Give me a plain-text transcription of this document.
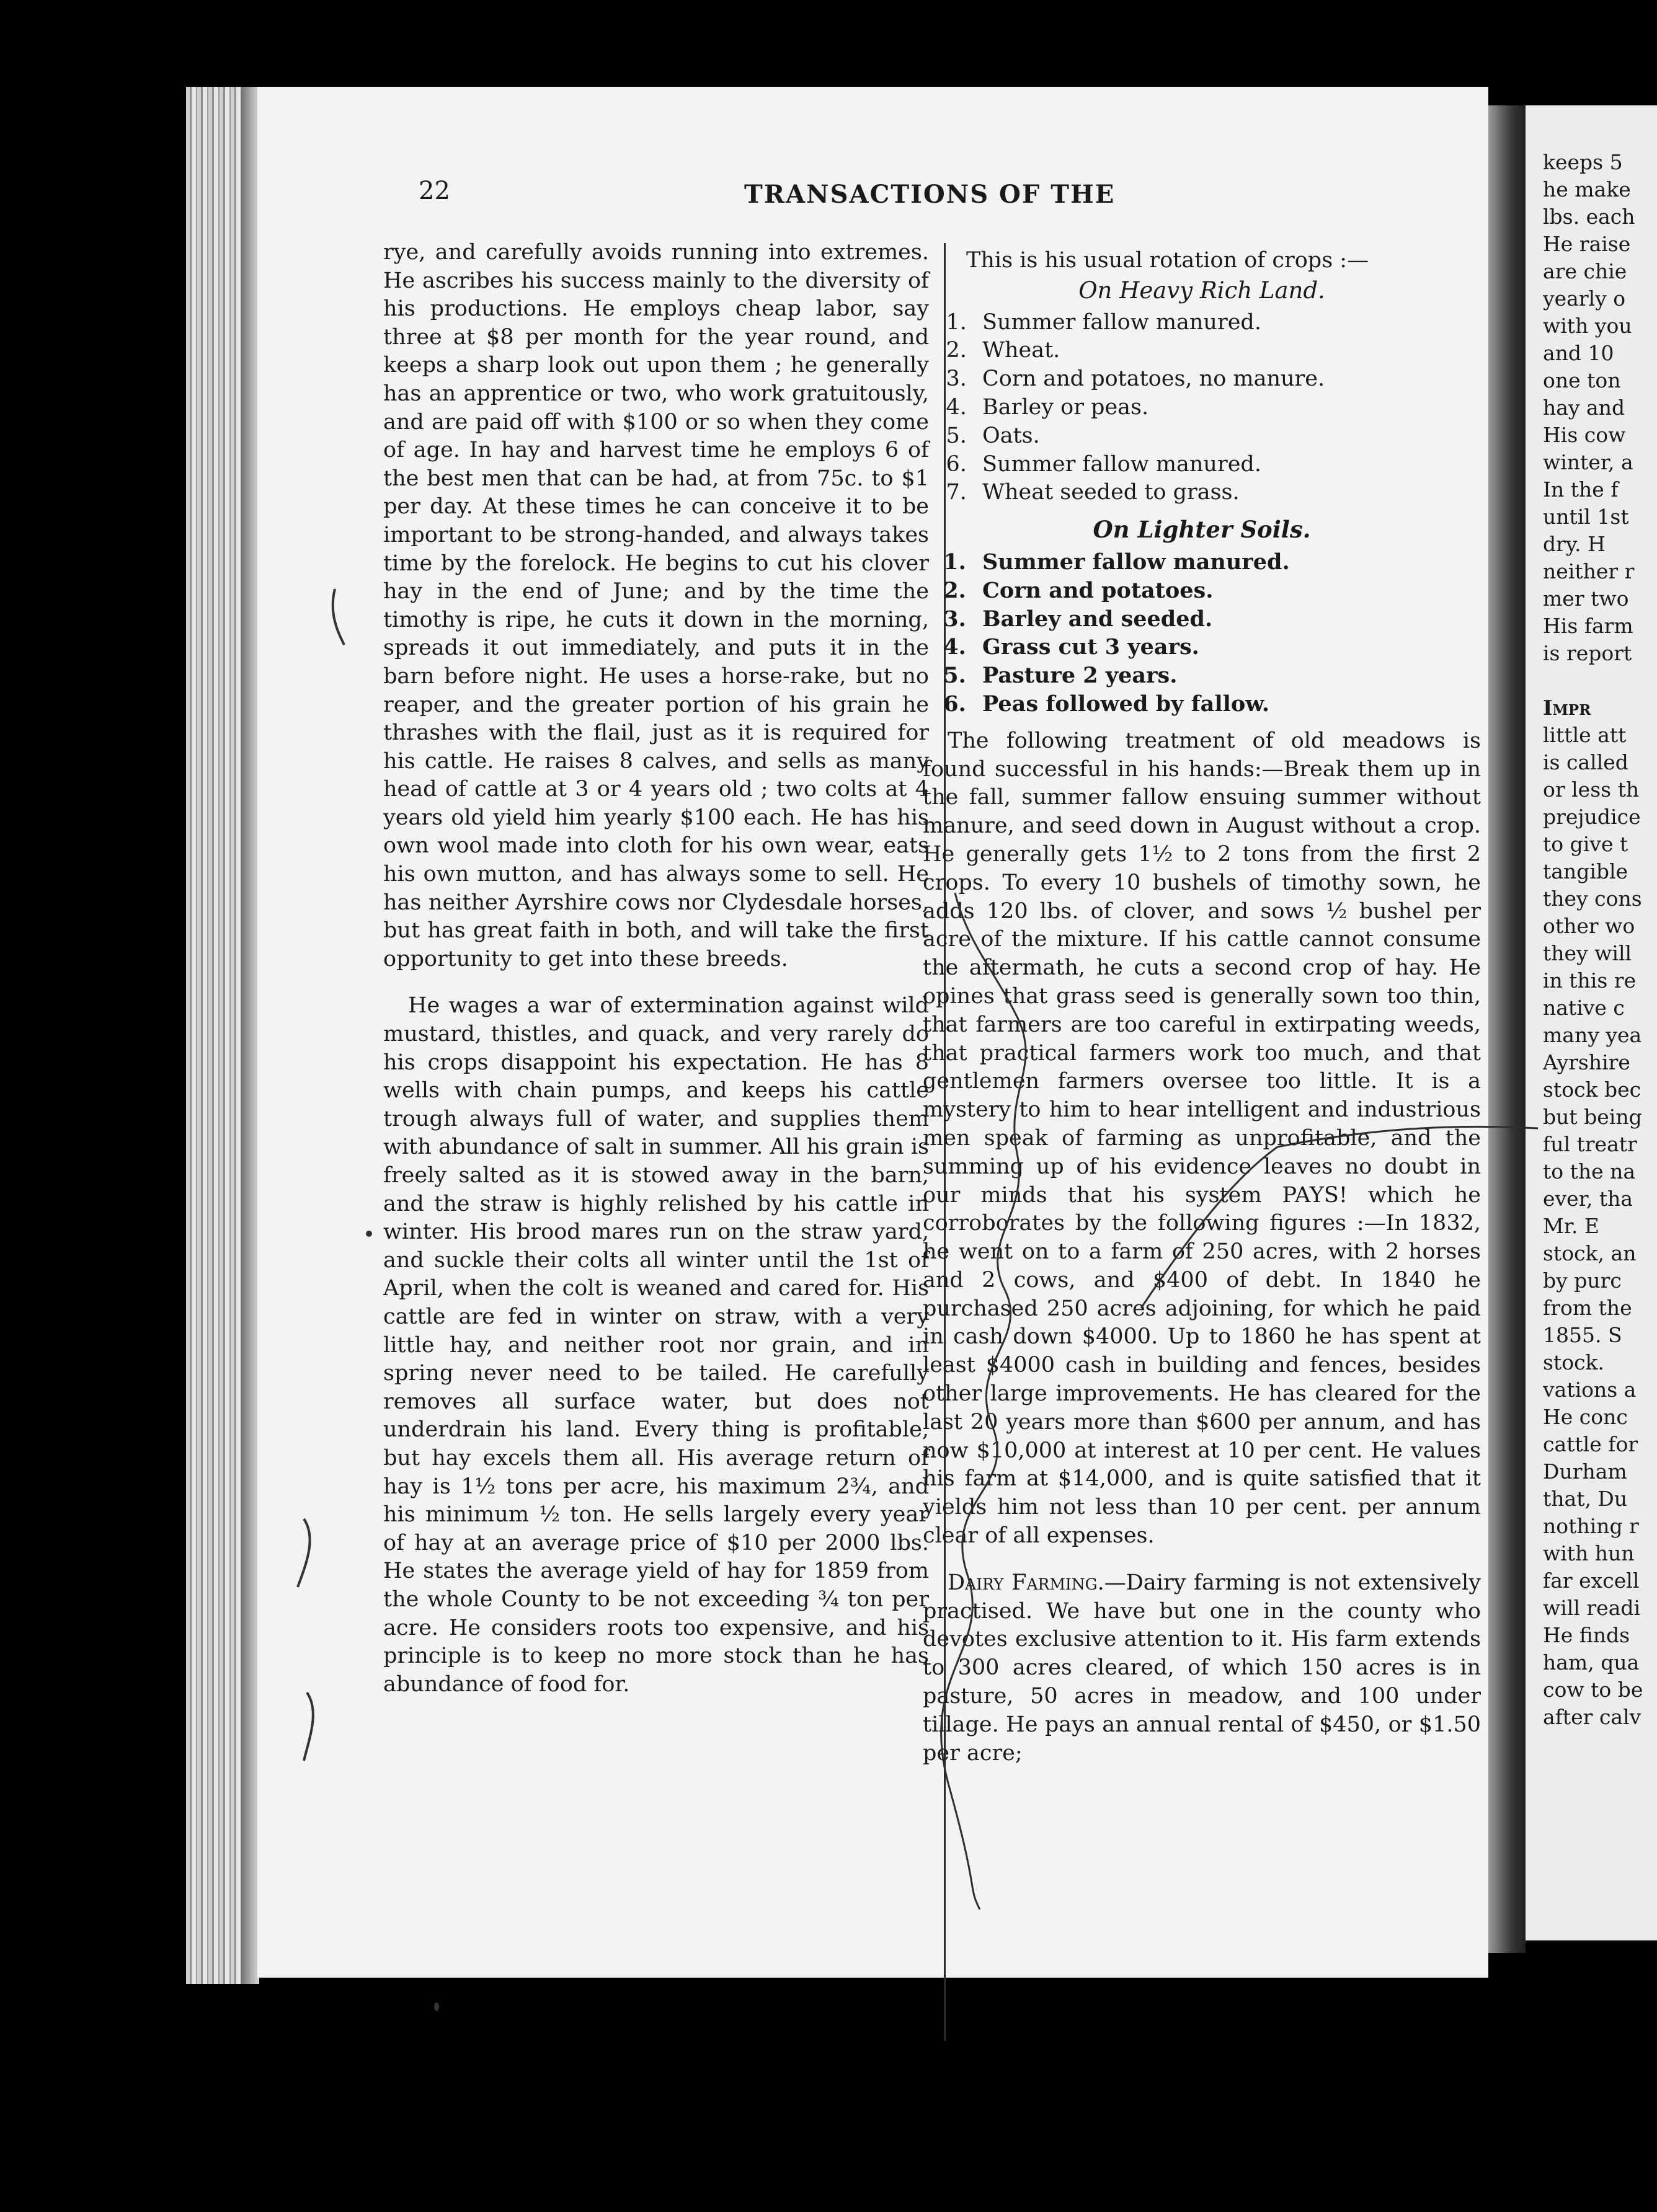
keeps 5
he make
lbs. each
He raise
are chie
yearly o
with you
and 10
one ton
hay and
His cow
winter, a
In the f
until 1st
dry. H
neither r
mer two
His farm
is report
Impr
little att
is called
or less th
prejudice
to give t
tangible
they cons
other wo
they will
in this re
native c
many yea
Ayrshire
stock bec
but being
ful treatr
to the na
ever, tha
Mr. E
stock, an
by purc
from the
1855. S
stock.
vations a
He conc
cattle for
Durham
that, Du
nothing r
with hun
far excell
will readi
He finds
ham, qua
cow to be
after calv
22	TRANSACTIONS OF THE

rye, and carefully avoids running into extremes. He ascribes his success mainly to the diversity of his productions. He employs cheap labor, say three at $8 per month for the year round, and keeps a sharp look out upon them ; he generally has an apprentice or two, who work gratuitously, and are paid off with $100 or so when they come of age. In hay and harvest time he employs 6 of the best men that can be had, at from 75c. to $1 per day. At these times he can conceive it to be important to be strong-handed, and always takes time by the forelock. He begins to cut his clover hay in the end of June; and by the time the timothy is ripe, he cuts it down in the morning, spreads it out immediately, and puts it in the barn before night. He uses a horse-rake, but no reaper, and the greater portion of his grain he thrashes with the flail, just as it is required for his cattle. He raises 8 calves, and sells as many head of cattle at 3 or 4 years old ; two colts at 4 years old yield him yearly $100 each. He has his own wool made into cloth for his own wear, eats his own mutton, and has always some to sell. He has neither Ayrshire cows nor Clydesdale horses, but has great faith in both, and will take the first opportunity to get into these breeds.

He wages a war of extermination against wild mustard, thistles, and quack, and very rarely do his crops disappoint his expectation. He has 8 wells with chain pumps, and keeps his cattle trough always full of water, and supplies them with abundance of salt in summer. All his grain is freely salted as it is stowed away in the barn, and the straw is highly relished by his cattle in winter. His brood mares run on the straw yard, and suckle their colts all winter until the 1st of April, when the colt is weaned and cared for. His cattle are fed in winter on straw, with a very little hay, and neither root nor grain, and in spring never need to be tailed. He carefully removes all surface water, but does not underdrain his land. Every thing is profitable, but hay excels them all. His average return of hay is 1½ tons per acre, his maximum 2¾, and his minimum ½ ton. He sells largely every year of hay at an average price of $10 per 2000 lbs. He states the average yield of hay for 1859 from the whole County to be not exceeding ¾ ton per acre. He considers roots too expensive, and his principle is to keep no more stock than he has abundance of food for.

This is his usual rotation of crops :—

On Heavy Rich Land.

1. Summer fallow manured.
2. Wheat.
3. Corn and potatoes, no manure.
4. Barley or peas.
5. Oats.
6. Summer fallow manured.
7. Wheat seeded to grass.

On Lighter Soils.

1. Summer fallow manured.
2. Corn and potatoes.
3. Barley and seeded.
4. Grass cut 3 years.
5. Pasture 2 years.
6. Peas followed by fallow.

The following treatment of old meadows is found successful in his hands:—Break them up in the fall, summer fallow ensuing summer without manure, and seed down in August without a crop. He generally gets 1½ to 2 tons from the first 2 crops. To every 10 bushels of timothy sown, he adds 120 lbs. of clover, and sows ½ bushel per acre of the mixture. If his cattle cannot consume the aftermath, he cuts a second crop of hay. He opines that grass seed is generally sown too thin, that farmers are too careful in extirpating weeds, that practical farmers work too much, and that gentlemen farmers oversee too little. It is a mystery to him to hear intelligent and industrious men speak of farming as unprofitable, and the summing up of his evidence leaves no doubt in our minds that his system PAYS! which he corroborates by the following figures :—In 1832, he went on to a farm of 250 acres, with 2 horses and 2 cows, and $400 of debt. In 1840 he purchased 250 acres adjoining, for which he paid in cash down $4000. Up to 1860 he has spent at least $4000 cash in building and fences, besides other large improvements. He has cleared for the last 20 years more than $600 per annum, and has now $10,000 at interest at 10 per cent. He values his farm at $14,000, and is quite satisfied that it yields him not less than 10 per cent. per annum clear of all expenses.

Dairy Farming.—Dairy farming is not extensively practised. We have but one in the county who devotes exclusive attention to it. His farm extends to 300 acres cleared, of which 150 acres is in pasture, 50 acres in meadow, and 100 under tillage. He pays an annual rental of $450, or $1.50 per acre;
